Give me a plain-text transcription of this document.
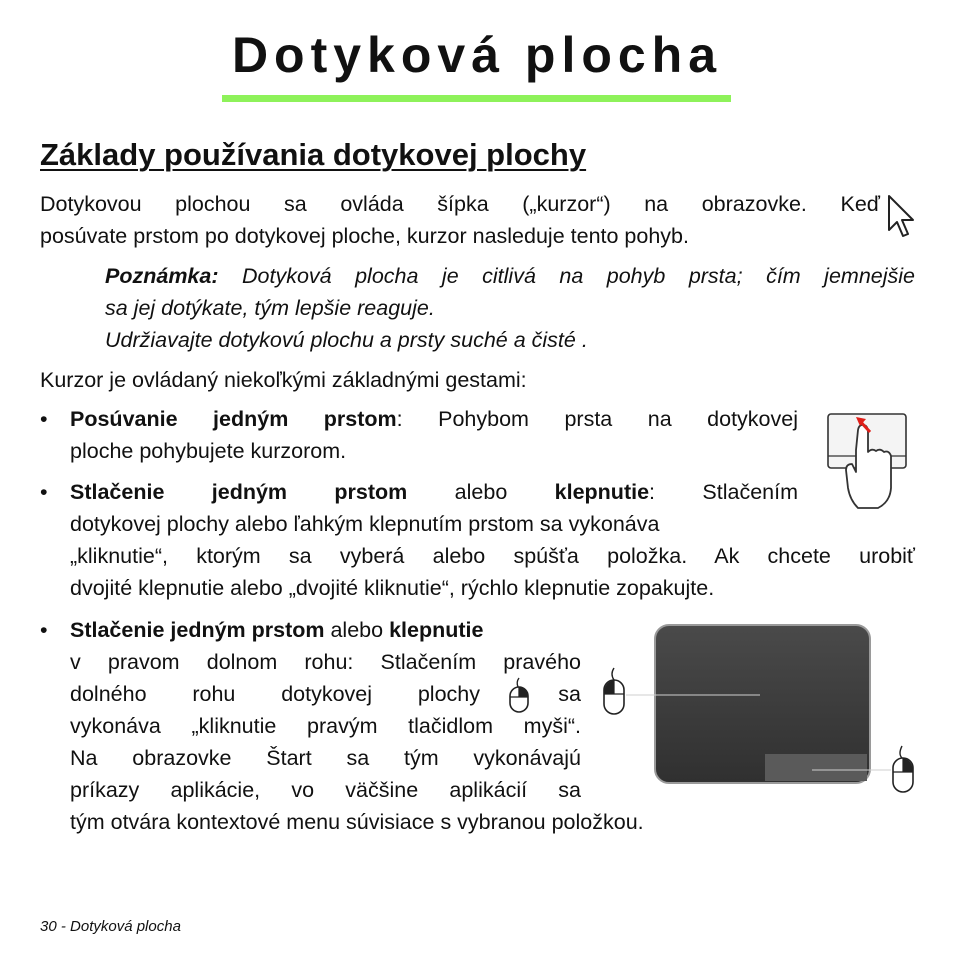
Dotyková plocha
Základy používania dotykovej plochy
Dotykovou plochou sa ovláda šípka („kurzor“) na obrazovke. Keď
posúvate prstom po dotykovej ploche, kurzor nasleduje tento pohyb.
Poznámka: Dotyková plocha je citlivá na pohyb prsta; čím jemnejšie
sa jej dotýkate, tým lepšie reaguje.
Udržiavajte dotykovú plochu a prsty suché a čisté .
Kurzor je ovládaný niekoľkými základnými gestami:
• Posúvanie jedným prstom: Pohybom prsta na dotykovej
ploche pohybujete kurzorom.
• Stlačenie jedným prstom alebo klepnutie: Stlačením
dotykovej plochy alebo ľahkým klepnutím prstom sa vykonáva
„kliknutie“, ktorým sa vyberá alebo spúšťa položka. Ak chcete urobiť
dvojité klepnutie alebo „dvojité kliknutie“, rýchlo klepnutie zopakujte.
• Stlačenie jedným prstom alebo klepnutie
v pravom dolnom rohu: Stlačením pravého
dolného rohu dotykovej plochy	sa
vykonáva „kliknutie pravým tlačidlom myši“.
Na obrazovke Štart sa tým vykonávajú
príkazy aplikácie, vo väčšine aplikácií sa
tým otvára kontextové menu súvisiace s vybranou položkou.
30 - Dotyková plocha
